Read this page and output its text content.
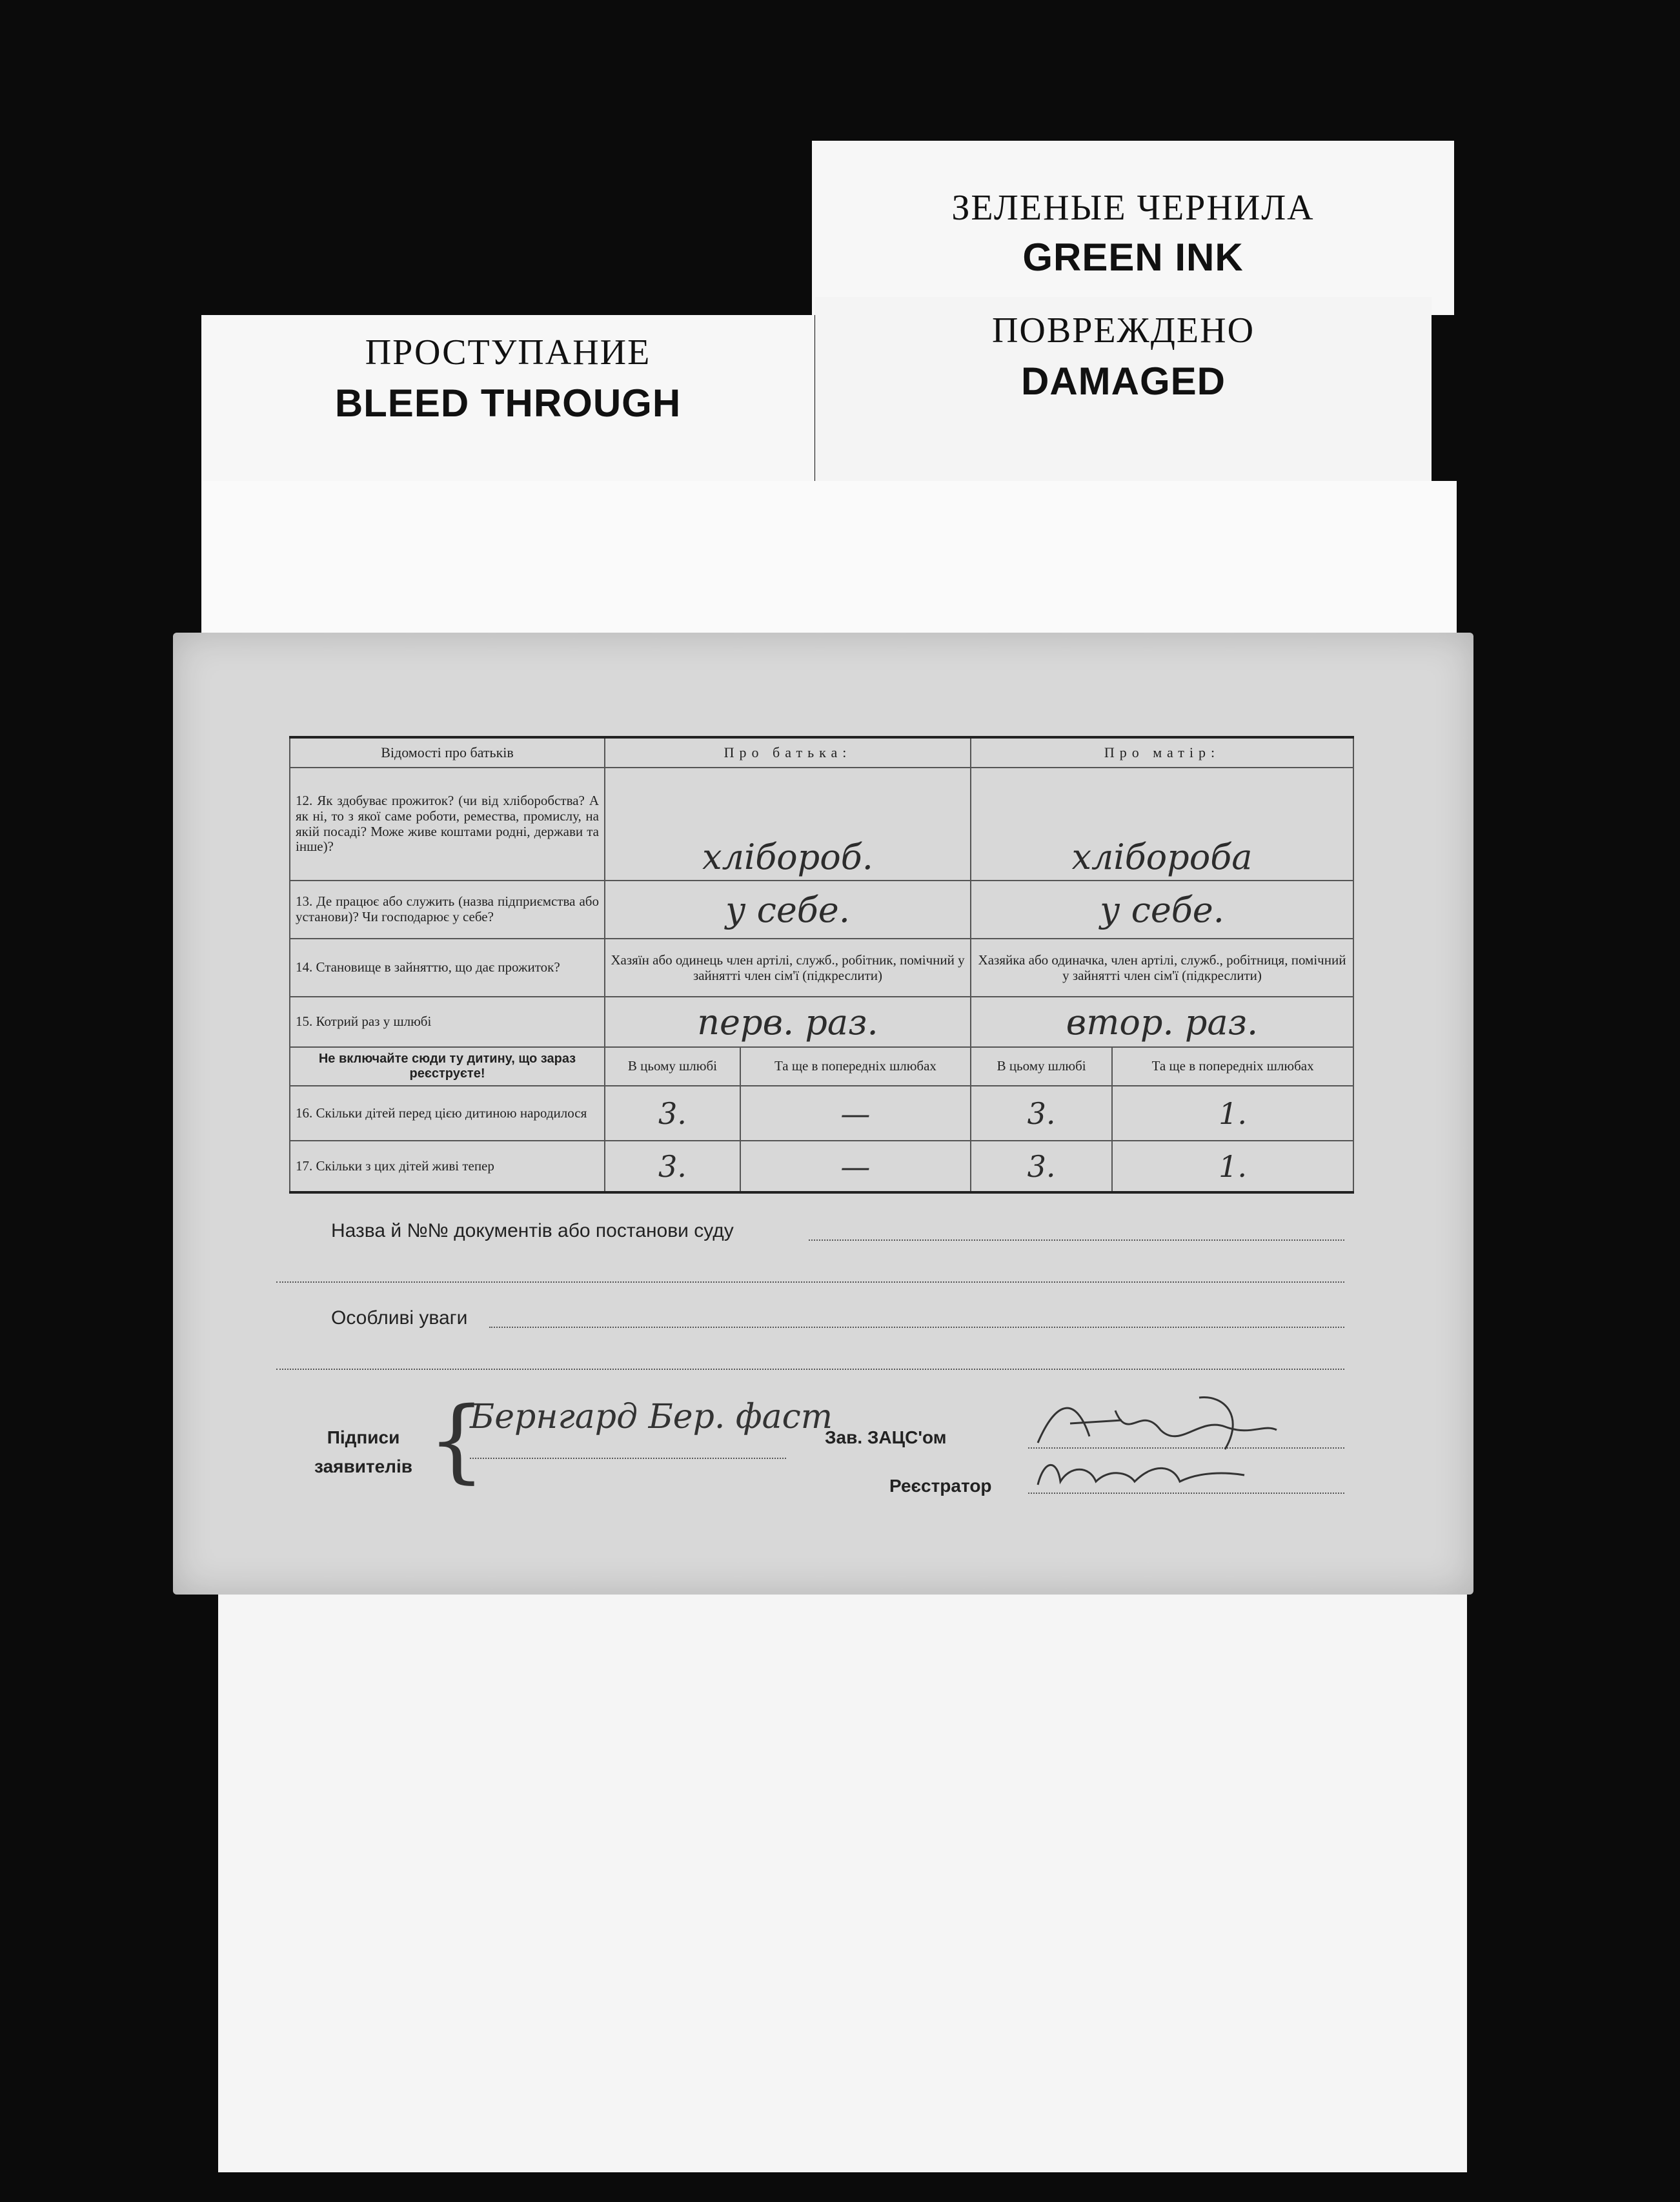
ЗЕЛЕНЫЕ ЧЕРНИЛА
GREEN INK
ПРОСТУПАНИЕ
BLEED THROUGH
ПОВРЕЖДЕНО
DAMAGED
Відомості про батьків	Про батька:		Про матір:	
12. Як здобуває прожиток? (чи від хліборобства? А як ні, то з якої саме роботи, ремества, промислу, на якій посаді? Може живе коштами родні, держави та інше)?	хлібороб.		хлібороба	
13. Де працює або служить (назва підприємства або установи)? Чи господарює у себе?	у себе.		у себе.	
14. Становище в зайняттю, що дає прожиток?	Хазяїн або одинець член артілі, служб., робітник, помічний у зайнятті член сім'ї (підкреслити)		Хазяйка або одиначка, член артілі, служб., робітниця, помічний у зайнятті член сім'ї (підкреслити)	
15. Котрий раз у шлюбі	перв. раз.		втор. раз.	
Не включайте сюди ту дитину, що зараз реєструєте!	В цьому шлюбі	Та ще в попередніх шлюбах	В цьому шлюбі	Та ще в попередніх шлюбах
16. Скільки дітей перед цією дитиною народилося	3.	—	3.	1.
17. Скільки з цих дітей живі тепер	3.	—	3.	1.
Назва й №№ документів або постанови суду
Особливі уваги
Підписи заявителів {
Бернгард Бер. фаст
Зав. ЗАЦС'ом
Реєстратор
